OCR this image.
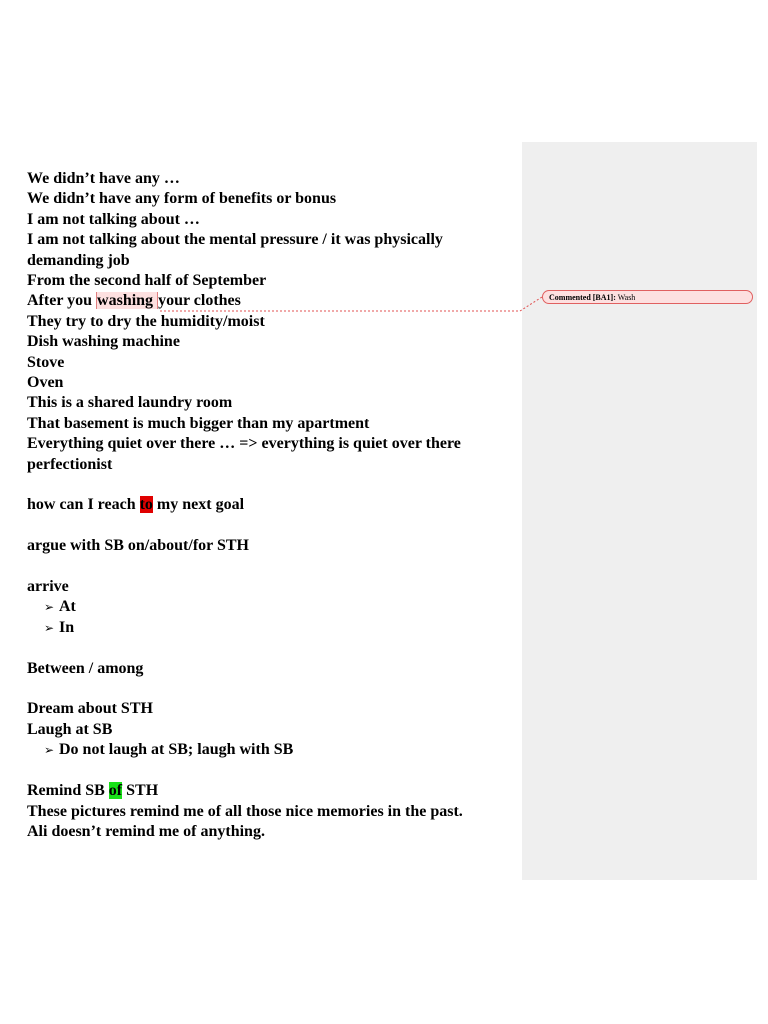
Commented [BA1]: Wash
We didn’t have any …
We didn’t have any form of benefits or bonus
I am not talking about …
I am not talking about the mental pressure / it was physically demanding job
From the second half of September
After you washing your clothes
They try to dry the humidity/moist
Dish washing machine
Stove
Oven
This is a shared laundry room
That basement is much bigger than my apartment
Everything quiet over there … => everything is quiet over there
perfectionist
how can I reach to my next goal
argue with SB on/about/for STH
arrive
➢ At
➢ In
Between / among
Dream about STH
Laugh at SB
➢ Do not laugh at SB; laugh with SB
Remind SB of STH
These pictures remind me of all those nice memories in the past.
Ali doesn’t remind me of anything.
